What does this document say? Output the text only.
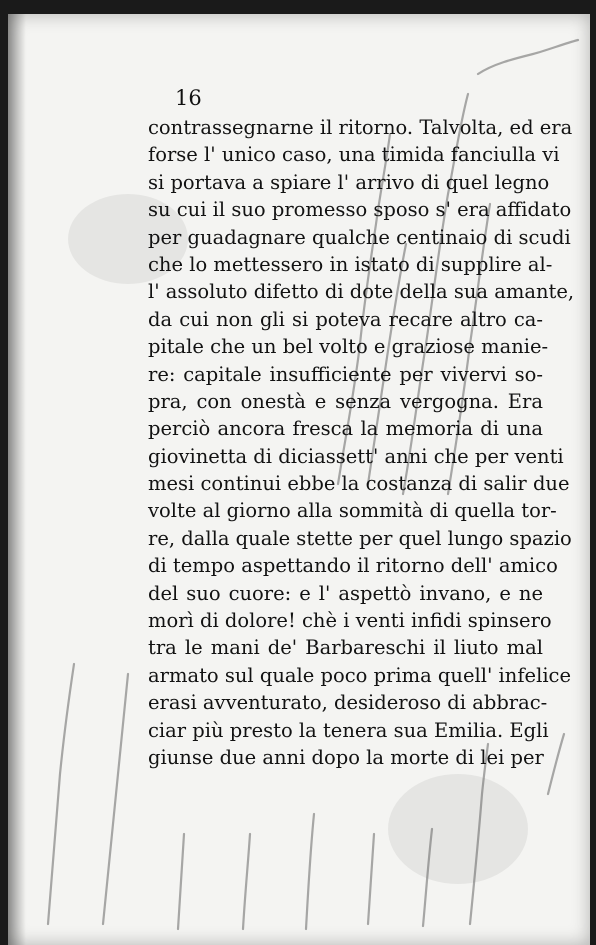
16
contrassegnarne il ritorno. Talvolta, ed era
forse l' unico caso, una timida fanciulla vi
si portava a spiare l' arrivo di quel legno
su cui il suo promesso sposo s' era affidato
per guadagnare qualche centinaio di scudi
che lo mettessero in istato di supplire al-
l' assoluto difetto di dote della sua amante,
da cui non gli si poteva recare altro ca-
pitale che un bel volto e graziose manie-
re: capitale insufficiente per vivervi so-
pra, con onestà e senza vergogna. Era
perciò ancora fresca la memoria di una
giovinetta di diciassett' anni che per venti
mesi continui ebbe la costanza di salir due
volte al giorno alla sommità di quella tor-
re, dalla quale stette per quel lungo spazio
di tempo aspettando il ritorno dell' amico
del suo cuore: e l' aspettò invano, e ne
morì di dolore! chè i venti infidi spinsero
tra le mani de' Barbareschi il liuto mal
armato sul quale poco prima quell' infelice
erasi avventurato, desideroso di abbrac-
ciar più presto la tenera sua Emilia. Egli
giunse due anni dopo la morte di lei per
